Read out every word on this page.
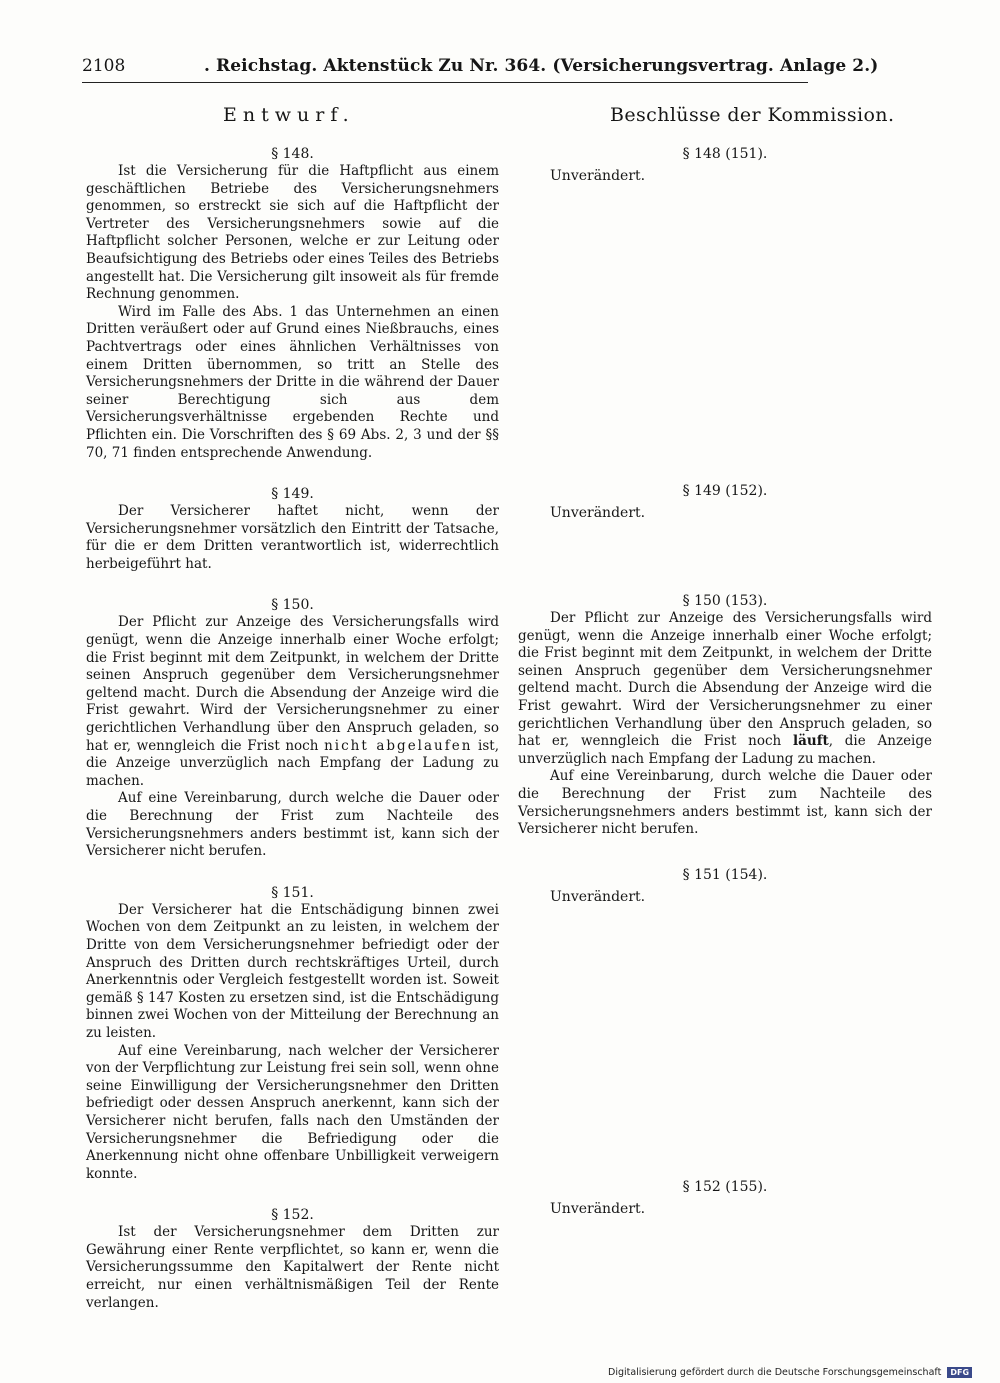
2108	. Reichstag. Aktenstück Zu Nr. 364. (Versicherungsvertrag. Anlage 2.)
Entwurf.	Beschlüsse der Kommission.
§ 148.

Ist die Versicherung für die Haftpflicht aus einem geschäftlichen Betriebe des Versicherungsnehmers genommen, so erstreckt sie sich auf die Haftpflicht der Vertreter des Versicherungsnehmers sowie auf die Haftpflicht solcher Personen, welche er zur Leitung oder Beaufsichtigung des Betriebs oder eines Teiles des Betriebs angestellt hat. Die Versicherung gilt insoweit als für fremde Rechnung genommen.

Wird im Falle des Abs. 1 das Unternehmen an einen Dritten veräußert oder auf Grund eines Nießbrauchs, eines Pachtvertrags oder eines ähnlichen Verhältnisses von einem Dritten übernommen, so tritt an Stelle des Versicherungsnehmers der Dritte in die während der Dauer seiner Berechtigung sich aus dem Versicherungsverhältnisse ergebenden Rechte und Pflichten ein. Die Vorschriften des § 69 Abs. 2, 3 und der §§ 70, 71 finden entsprechende Anwendung.

§ 149.

Der Versicherer haftet nicht, wenn der Versicherungsnehmer vorsätzlich den Eintritt der Tatsache, für die er dem Dritten verantwortlich ist, widerrechtlich herbeigeführt hat.

§ 150.

Der Pflicht zur Anzeige des Versicherungsfalls wird genügt, wenn die Anzeige innerhalb einer Woche erfolgt; die Frist beginnt mit dem Zeitpunkt, in welchem der Dritte seinen Anspruch gegenüber dem Versicherungsnehmer geltend macht. Durch die Absendung der Anzeige wird die Frist gewahrt. Wird der Versicherungsnehmer zu einer gerichtlichen Verhandlung über den Anspruch geladen, so hat er, wenngleich die Frist noch nicht abgelaufen ist, die Anzeige unverzüglich nach Empfang der Ladung zu machen.

Auf eine Vereinbarung, durch welche die Dauer oder die Berechnung der Frist zum Nachteile des Versicherungsnehmers anders bestimmt ist, kann sich der Versicherer nicht berufen.

§ 151.

Der Versicherer hat die Entschädigung binnen zwei Wochen von dem Zeitpunkt an zu leisten, in welchem der Dritte von dem Versicherungsnehmer befriedigt oder der Anspruch des Dritten durch rechtskräftiges Urteil, durch Anerkenntnis oder Vergleich festgestellt worden ist. Soweit gemäß § 147 Kosten zu ersetzen sind, ist die Entschädigung binnen zwei Wochen von der Mitteilung der Berechnung an zu leisten.

Auf eine Vereinbarung, nach welcher der Versicherer von der Verpflichtung zur Leistung frei sein soll, wenn ohne seine Einwilligung der Versicherungsnehmer den Dritten befriedigt oder dessen Anspruch anerkennt, kann sich der Versicherer nicht berufen, falls nach den Umständen der Versicherungsnehmer die Befriedigung oder die Anerkennung nicht ohne offenbare Unbilligkeit verweigern konnte.

§ 152.

Ist der Versicherungsnehmer dem Dritten zur Gewährung einer Rente verpflichtet, so kann er, wenn die Versicherungssumme den Kapitalwert der Rente nicht erreicht, nur einen verhältnismäßigen Teil der Rente verlangen.

§ 148 (151).
Unverändert.
§ 149 (152).
Unverändert.
§ 150 (153).

Der Pflicht zur Anzeige des Versicherungsfalls wird genügt, wenn die Anzeige innerhalb einer Woche erfolgt; die Frist beginnt mit dem Zeitpunkt, in welchem der Dritte seinen Anspruch gegenüber dem Versicherungsnehmer geltend macht. Durch die Absendung der Anzeige wird die Frist gewahrt. Wird der Versicherungsnehmer zu einer gerichtlichen Verhandlung über den Anspruch geladen, so hat er, wenngleich die Frist noch läuft, die Anzeige unverzüglich nach Empfang der Ladung zu machen.

Auf eine Vereinbarung, durch welche die Dauer oder die Berechnung der Frist zum Nachteile des Versicherungsnehmers anders bestimmt ist, kann sich der Versicherer nicht berufen.

§ 151 (154).
Unverändert.
§ 152 (155).
Unverändert.
Digitalisierung gefördert durch die Deutsche Forschungsgemeinschaft DFG
